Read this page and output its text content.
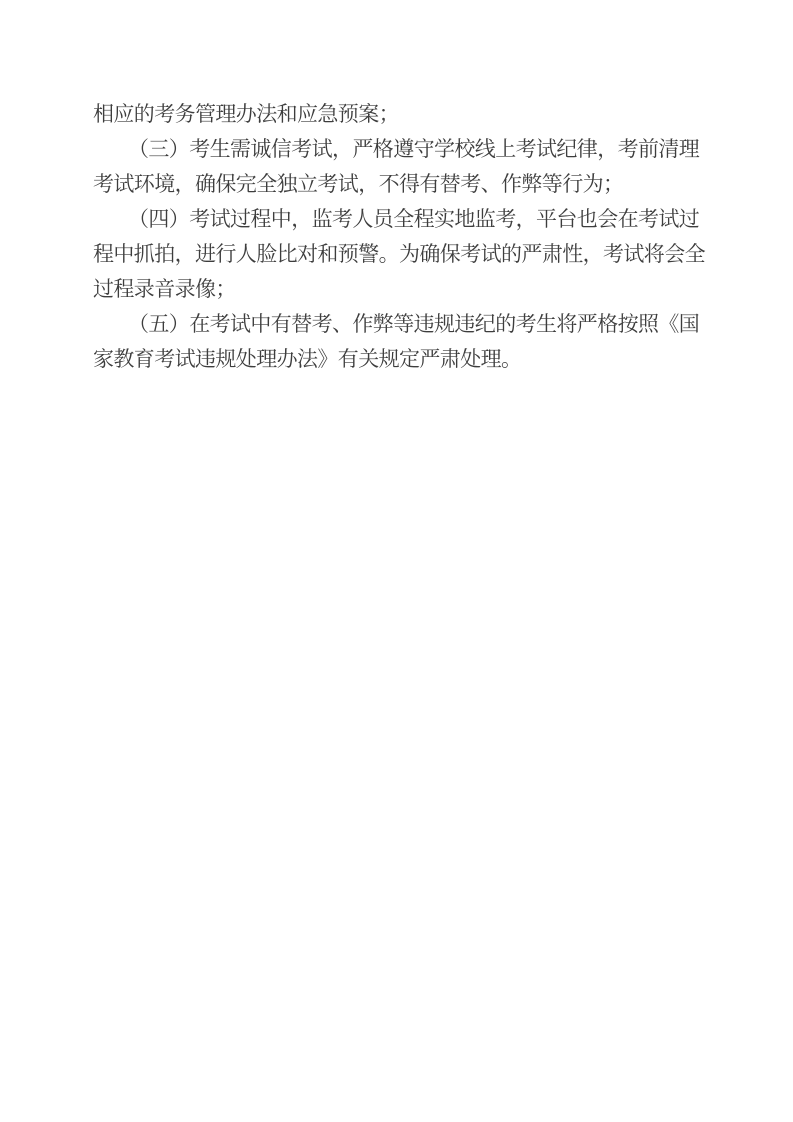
相应的考务管理办法和应急预案；
（三）考生需诚信考试，严格遵守学校线上考试纪律，考前清理
考试环境，确保完全独立考试，不得有替考、作弊等行为；
（四）考试过程中，监考人员全程实地监考，平台也会在考试过
程中抓拍，进行人脸比对和预警。为确保考试的严肃性，考试将会全
过程录音录像；
（五）在考试中有替考、作弊等违规违纪的考生将严格按照《国
家教育考试违规处理办法》有关规定严肃处理。
